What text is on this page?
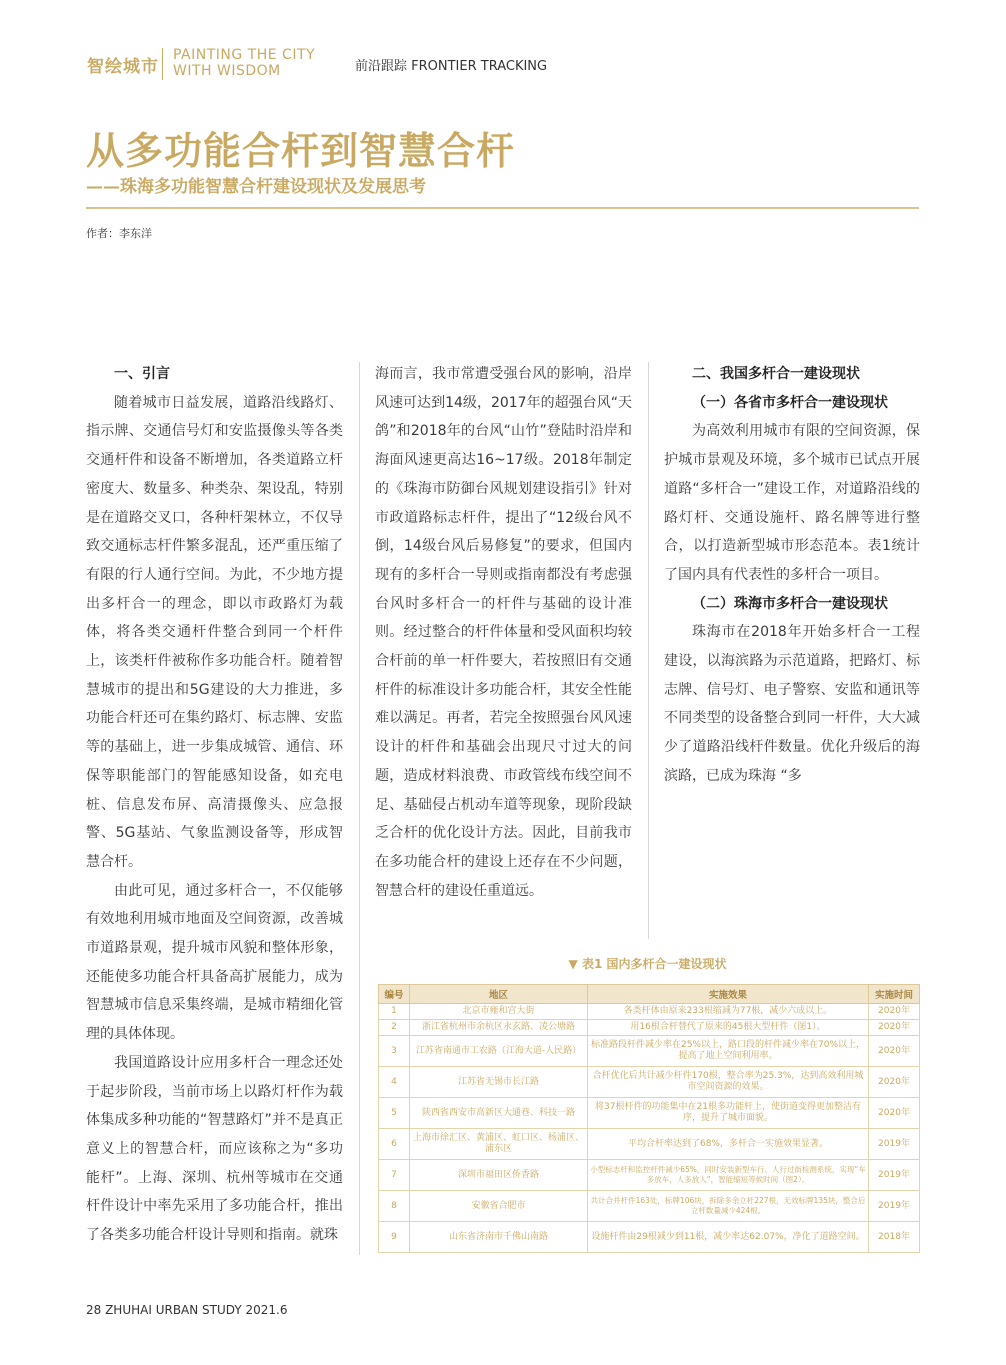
智绘城市
PAINTING THE CITY
WITH WISDOM	前沿跟踪 FRONTIER TRACKING
从多功能合杆到智慧合杆
——珠海多功能智慧合杆建设现状及发展思考
作者：李东洋

一、引言

随着城市日益发展，道路沿线路灯、指示牌、交通信号灯和安监摄像头等各类交通杆件和设备不断增加，各类道路立杆密度大、数量多、种类杂、架设乱，特别是在道路交叉口，各种杆架林立，不仅导致交通标志杆件繁多混乱，还严重压缩了有限的行人通行空间。为此，不少地方提出多杆合一的理念，即以市政路灯为载体，将各类交通杆件整合到同一个杆件上，该类杆件被称作多功能合杆。随着智慧城市的提出和5G建设的大力推进，多功能合杆还可在集约路灯、标志牌、安监等的基础上，进一步集成城管、通信、环保等职能部门的智能感知设备，如充电桩、信息发布屏、高清摄像头、应急报警、5G基站、气象监测设备等，形成智慧合杆。

由此可见，通过多杆合一，不仅能够有效地利用城市地面及空间资源，改善城市道路景观，提升城市风貌和整体形象，还能使多功能合杆具备高扩展能力，成为智慧城市信息采集终端，是城市精细化管理的具体体现。

我国道路设计应用多杆合一理念还处于起步阶段，当前市场上以路灯杆作为载体集成多种功能的“智慧路灯”并不是真正意义上的智慧合杆，而应该称之为“多功能杆”。上海、深圳、杭州等城市在交通杆件设计中率先采用了多功能合杆，推出了各类多功能合杆设计导则和指南。就珠

海而言，我市常遭受强台风的影响，沿岸风速可达到14级，2017年的超强台风“天鸽”和2018年的台风“山竹”登陆时沿岸和海面风速更高达16~17级。2018年制定的《珠海市防御台风规划建设指引》针对市政道路标志杆件，提出了“12级台风不倒，14级台风后易修复”的要求，但国内现有的多杆合一导则或指南都没有考虑强台风时多杆合一的杆件与基础的设计准则。经过整合的杆件体量和受风面积均较合杆前的单一杆件要大，若按照旧有交通杆件的标准设计多功能合杆，其安全性能难以满足。再者，若完全按照强台风风速设计的杆件和基础会出现尺寸过大的问题，造成材料浪费、市政管线布线空间不足、基础侵占机动车道等现象，现阶段缺乏合杆的优化设计方法。因此，目前我市在多功能合杆的建设上还存在不少问题，智慧合杆的建设任重道远。

二、我国多杆合一建设现状

（一）各省市多杆合一建设现状

为高效利用城市有限的空间资源，保护城市景观及环境，多个城市已试点开展道路“多杆合一”建设工作，对道路沿线的路灯杆、交通设施杆、路名牌等进行整合，以打造新型城市形态范本。表1统计了国内具有代表性的多杆合一项目。

（二）珠海市多杆合一建设现状

珠海市在2018年开始多杆合一工程建设，以海滨路为示范道路，把路灯、标志牌、信号灯、电子警察、安监和通讯等不同类型的设备整合到同一杆件，大大减少了道路沿线杆件数量。优化升级后的海滨路，已成为珠海 “多

▼ 表1 国内多杆合一建设现状
编号	地区	实施效果	实施时间
1	北京市雍和宫大街	各类杆体由原来233根缩减为77根，减少六成以上。	2020年
2	浙江省杭州市余杭区永玄路、凌公塘路	用16根合杆替代了原来的45根大型杆件（图1）。	2020年
3	江苏省南通市工农路（江海大道-人民路）	标准路段杆件减少率在25%以上，路口段的杆件减少率在70%以上，提高了地上空间利用率。	2020年
4	江苏省无锡市长江路	合杆优化后共计减少杆件170根，整合率为25.3%，达到高效利用城市空间资源的效果。	2020年
5	陕西省西安市高新区大通巷、科技一路	将37根杆件的功能集中在21根多功能杆上，使街道变得更加整洁有序，提升了城市面貌。	2020年
6	上海市徐汇区、黄浦区、虹口区、杨浦区、浦东区	平均合杆率达到了68%，多杆合一实施效果显著。	2019年
7	深圳市福田区侨香路	小型标志杆和监控杆件减少65%，同时安装新型车行、人行过街检测系统，实现“车多放车，人多放人”，智能缩短等候时间（图2）。	2019年
8	安徽省合肥市	共计合并杆件163处，标牌106块，拆除多余立杆227根，无效标牌135块，整合后立杆数量减少424根。	2019年
9	山东省济南市千佛山南路	设施杆件由29根减少到11根，减少率达62.07%，净化了道路空间。	2018年
28 ZHUHAI URBAN STUDY 2021.6
